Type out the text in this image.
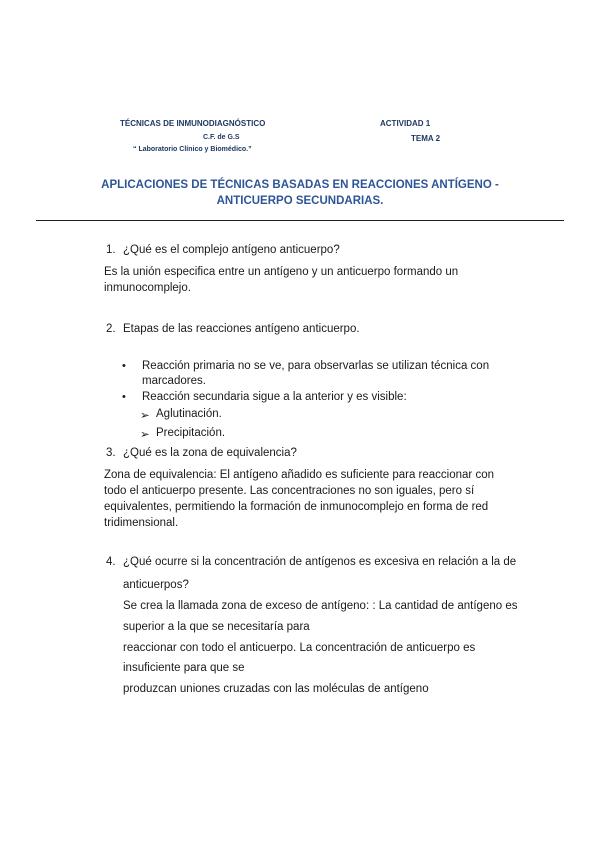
TÉCNICAS DE INMUNODIAGNÓSTICO
C.F. de G.S
“ Laboratorio Clínico y Biomédico.”
ACTIVIDAD 1
TEMA 2
APLICACIONES DE TÉCNICAS BASADAS EN REACCIONES ANTÍGENO -
ANTICUERPO SECUNDARIAS.
1. ¿Qué es el complejo antígeno anticuerpo?
Es la unión especifica entre un antígeno y un anticuerpo formando un
inmunocomplejo.
2. Etapas de las reacciones antígeno anticuerpo.
• Reacción primaria no se ve, para observarlas se utilizan técnica con
marcadores.
• Reacción secundaria sigue a la anterior y es visible:
➢ Aglutinación.
➢ Precipitación.
3. ¿Qué es la zona de equivalencia?
Zona de equivalencia: El antígeno añadido es suficiente para reaccionar con
todo el anticuerpo presente. Las concentraciones no son iguales, pero sí
equivalentes, permitiendo la formación de inmunocomplejo en forma de red
tridimensional.
4. ¿Qué ocurre si la concentración de antígenos es excesiva en relación a la de
anticuerpos?
Se crea la llamada zona de exceso de antígeno: : La cantidad de antígeno es
superior a la que se necesitaría para
reaccionar con todo el anticuerpo. La concentración de anticuerpo es
insuficiente para que se
produzcan uniones cruzadas con las moléculas de antígeno
